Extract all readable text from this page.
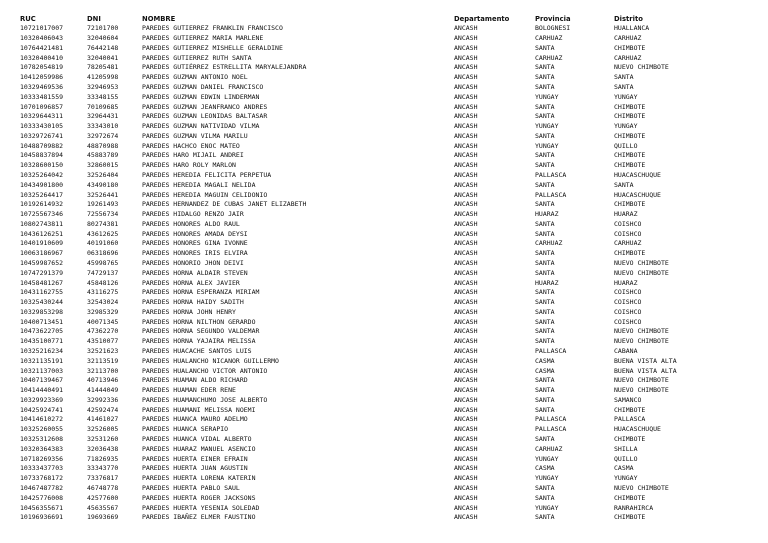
RUC	DNI	NOMBRE	Departamento	Provincia	Distrito
10721017007	72101700	PAREDES GUTIERREZ FRANKLIN FRANCISCO	ANCASH	BOLOGNESI	HUALLANCA
10320406043	32040604	PAREDES GUTIERREZ MARIA MARLENE	ANCASH	CARHUAZ	CARHUAZ
10764421481	76442148	PAREDES GUTIERREZ MISHELLE GERALDINE	ANCASH	SANTA	CHIMBOTE
10320400410	32040041	PAREDES GUTIERREZ RUTH SANTA	ANCASH	CARHUAZ	CARHUAZ
10782054819	78205481	PAREDES GUTIÉRREZ ESTRELLITA MARYALEJANDRA	ANCASH	SANTA	NUEVO CHIMBOTE
10412059986	41205998	PAREDES GUZMAN ANTONIO NOEL	ANCASH	SANTA	SANTA
10329469536	32946953	PAREDES GUZMAN DANIEL FRANCISCO	ANCASH	SANTA	SANTA
10333481559	33348155	PAREDES GUZMAN EDWIN LINDERMAN	ANCASH	YUNGAY	YUNGAY
10701096857	70109685	PAREDES GUZMAN JEANFRANCO ANDRES	ANCASH	SANTA	CHIMBOTE
10329644311	32964431	PAREDES GUZMAN LEONIDAS BALTASAR	ANCASH	SANTA	CHIMBOTE
10333430105	33343010	PAREDES GUZMAN NATIVIDAD VILMA	ANCASH	YUNGAY	YUNGAY
10329726741	32972674	PAREDES GUZMAN VILMA MARILU	ANCASH	SANTA	CHIMBOTE
10488709882	48870988	PAREDES HACHCO ENOC MATEO	ANCASH	YUNGAY	QUILLO
10458837894	45883789	PAREDES HARO MIJAIL ANDREI	ANCASH	SANTA	CHIMBOTE
10328600150	32860015	PAREDES HARO ROLY MARLON	ANCASH	SANTA	CHIMBOTE
10325264042	32526404	PAREDES HEREDIA FELICITA PERPETUA	ANCASH	PALLASCA	HUACASCHUQUE
10434901800	43490180	PAREDES HEREDIA MAGALI NELIDA	ANCASH	SANTA	SANTA
10325264417	32526441	PAREDES HEREDIA MAGUIN CELIDONIO	ANCASH	PALLASCA	HUACASCHUQUE
10192614932	19261493	PAREDES HERNANDEZ DE CUBAS JANET ELIZABETH	ANCASH	SANTA	CHIMBOTE
10725567346	72556734	PAREDES HIDALGO RENZO JAIR	ANCASH	HUARAZ	HUARAZ
10802743811	80274381	PAREDES HONORES ALDO RAUL	ANCASH	SANTA	COISHCO
10436126251	43612625	PAREDES HONORES AMADA DEYSI	ANCASH	SANTA	COISHCO
10401910609	40191060	PAREDES HONORES GINA IVONNE	ANCASH	CARHUAZ	CARHUAZ
10063186967	06318696	PAREDES HONORES IRIS ELVIRA	ANCASH	SANTA	CHIMBOTE
10459987652	45998765	PAREDES HONORIO JHON DEIVI	ANCASH	SANTA	NUEVO CHIMBOTE
10747291379	74729137	PAREDES HORNA ALDAIR STEVEN	ANCASH	SANTA	NUEVO CHIMBOTE
10458481267	45848126	PAREDES HORNA ALEX JAVIER	ANCASH	HUARAZ	HUARAZ
10431162755	43116275	PAREDES HORNA ESPERANZA MIRIAM	ANCASH	SANTA	COISHCO
10325430244	32543024	PAREDES HORNA HAIDY SADITH	ANCASH	SANTA	COISHCO
10329853298	32985329	PAREDES HORNA JOHN HENRY	ANCASH	SANTA	COISHCO
10400713451	40071345	PAREDES HORNA NILTHON GERARDO	ANCASH	SANTA	COISHCO
10473622705	47362270	PAREDES HORNA SEGUNDO VALDEMAR	ANCASH	SANTA	NUEVO CHIMBOTE
10435100771	43510077	PAREDES HORNA YAJAIRA MELISSA	ANCASH	SANTA	NUEVO CHIMBOTE
10325216234	32521623	PAREDES HUACACHE SANTOS LUIS	ANCASH	PALLASCA	CABANA
10321135191	32113519	PAREDES HUALANCHO NICANOR GUILLERMO	ANCASH	CASMA	BUENA VISTA ALTA
10321137003	32113700	PAREDES HUALANCHO VICTOR ANTONIO	ANCASH	CASMA	BUENA VISTA ALTA
10407139467	40713946	PAREDES HUAMAN ALDO RICHARD	ANCASH	SANTA	NUEVO CHIMBOTE
10414440491	41444049	PAREDES HUAMAN EDER RENE	ANCASH	SANTA	NUEVO CHIMBOTE
10329923369	32992336	PAREDES HUAMANCHUMO JOSE ALBERTO	ANCASH	SANTA	SAMANCO
10425924741	42592474	PAREDES HUAMANI MELISSA NOEMI	ANCASH	SANTA	CHIMBOTE
10414610272	41461027	PAREDES HUANCA MAURO ADELMO	ANCASH	PALLASCA	PALLASCA
10325260055	32526005	PAREDES HUANCA SERAPIO	ANCASH	PALLASCA	HUACASCHUQUE
10325312608	32531260	PAREDES HUANCA VIDAL ALBERTO	ANCASH	SANTA	CHIMBOTE
10320364383	32036438	PAREDES HUARAZ MANUEL ASENCIO	ANCASH	CARHUAZ	SHILLA
10718269356	71826935	PAREDES HUERTA EINER EFRAIN	ANCASH	YUNGAY	QUILLO
10333437703	33343770	PAREDES HUERTA JUAN AGUSTIN	ANCASH	CASMA	CASMA
10733768172	73376817	PAREDES HUERTA LORENA KATERIN	ANCASH	YUNGAY	YUNGAY
10467487782	46748778	PAREDES HUERTA PABLO SAUL	ANCASH	SANTA	NUEVO CHIMBOTE
10425776008	42577600	PAREDES HUERTA ROGER JACKSONS	ANCASH	SANTA	CHIMBOTE
10456355671	45635567	PAREDES HUERTA YESENIA SOLEDAD	ANCASH	YUNGAY	RANRAHIRCA
10196936691	19693669	PAREDES IBAÑEZ ELMER FAUSTINO	ANCASH	SANTA	CHIMBOTE
